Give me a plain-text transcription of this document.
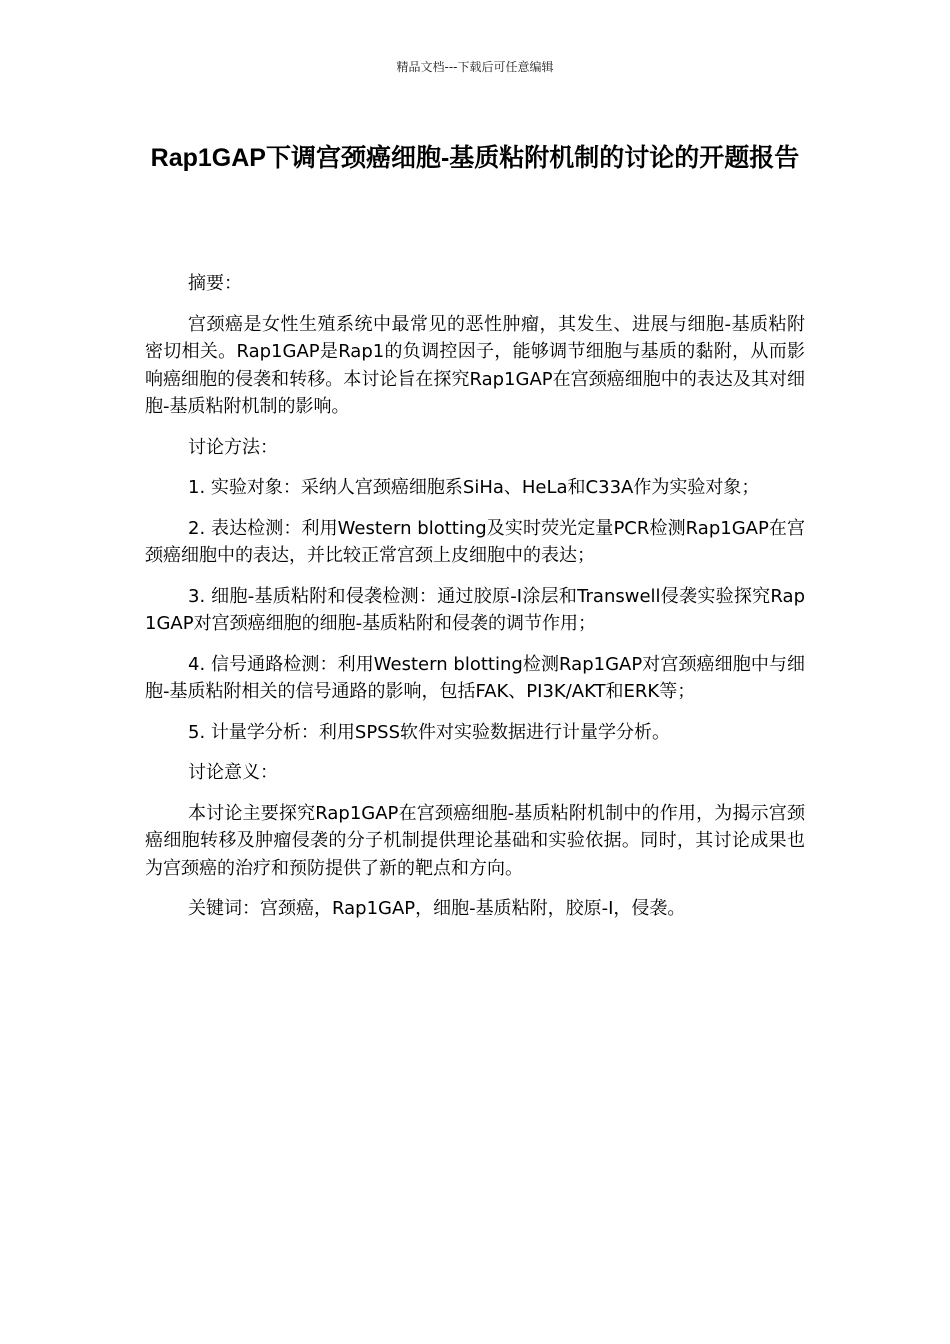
精品文档---下载后可任意编辑
Rap1GAP下调宫颈癌细胞-基质粘附机制的讨论的开题报告

摘要：

宫颈癌是女性生殖系统中最常见的恶性肿瘤，其发生、进展与细胞-基质粘附密切相关。Rap1GAP是Rap1的负调控因子，能够调节细胞与基质的黏附，从而影响癌细胞的侵袭和转移。本讨论旨在探究Rap1GAP在宫颈癌细胞中的表达及其对细胞-基质粘附机制的影响。

讨论方法：

1. 实验对象：采纳人宫颈癌细胞系SiHa、HeLa和C33A作为实验对象；

2. 表达检测：利用Western blotting及实时荧光定量PCR检测Rap1GAP在宫颈癌细胞中的表达，并比较正常宫颈上皮细胞中的表达；

3. 细胞-基质粘附和侵袭检测：通过胶原-I涂层和Transwell侵袭实验探究Rap1GAP对宫颈癌细胞的细胞-基质粘附和侵袭的调节作用；

4. 信号通路检测：利用Western blotting检测Rap1GAP对宫颈癌细胞中与细胞-基质粘附相关的信号通路的影响，包括FAK、PI3K/AKT和ERK等；

5. 计量学分析：利用SPSS软件对实验数据进行计量学分析。

讨论意义：

本讨论主要探究Rap1GAP在宫颈癌细胞-基质粘附机制中的作用，为揭示宫颈癌细胞转移及肿瘤侵袭的分子机制提供理论基础和实验依据。同时，其讨论成果也为宫颈癌的治疗和预防提供了新的靶点和方向。

关键词：宫颈癌，Rap1GAP，细胞-基质粘附，胶原-I，侵袭。
